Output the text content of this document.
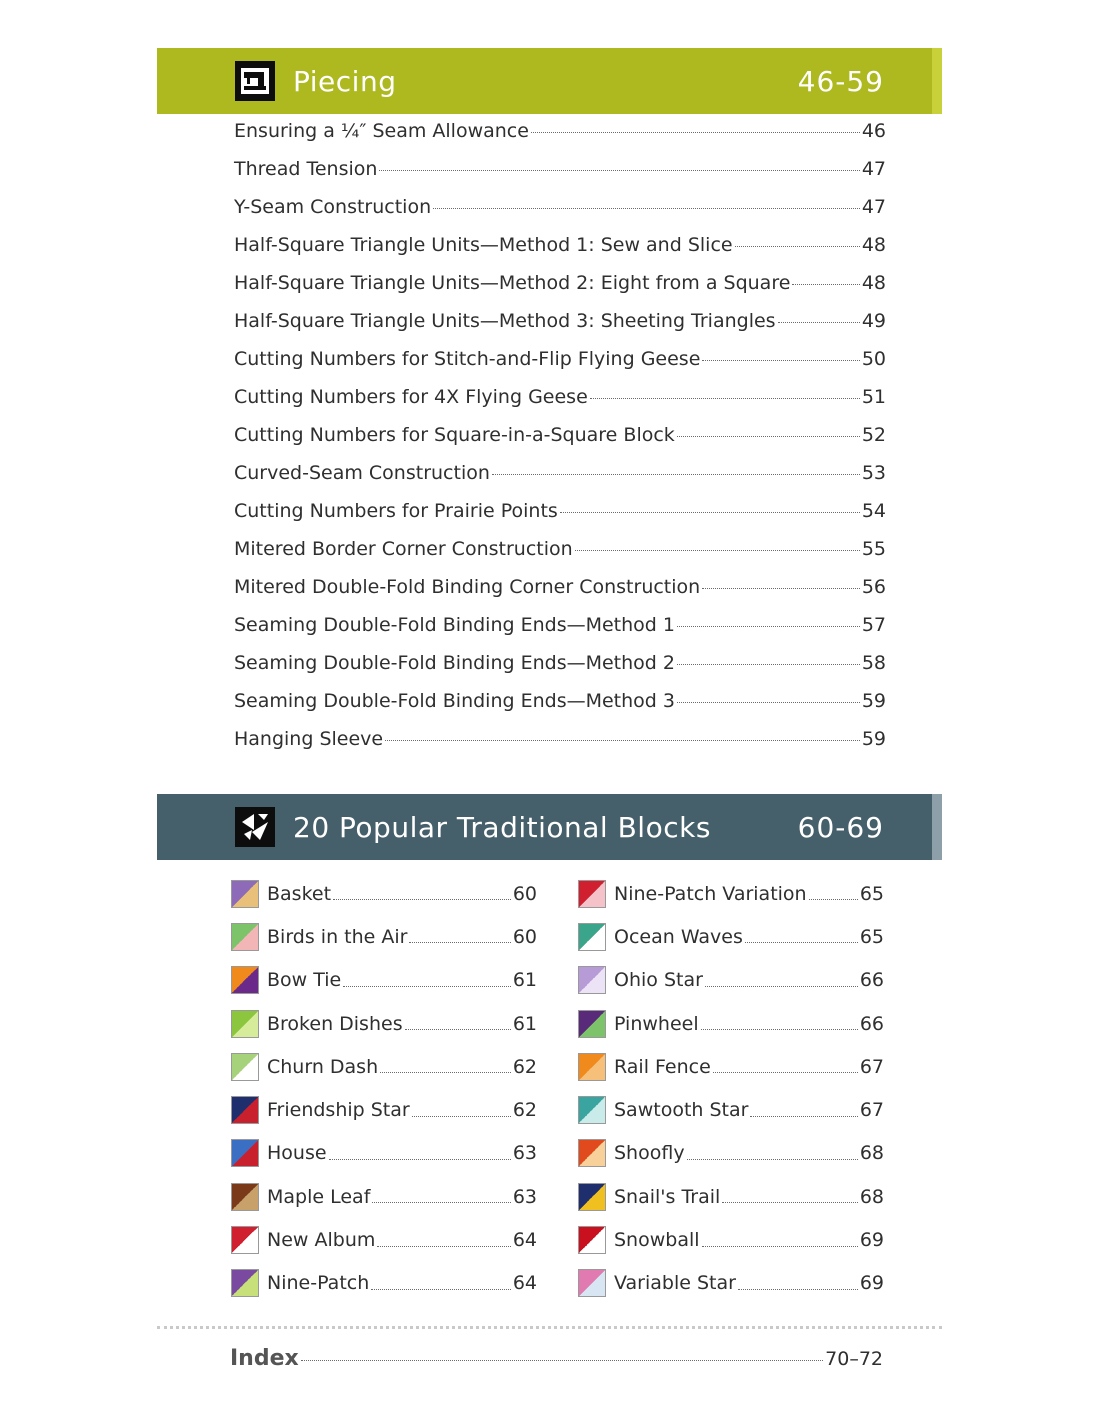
Piecing	46-59
Ensuring a ¼″ Seam Allowance	46
Thread Tension	47
Y-Seam Construction	47
Half-Square Triangle Units—Method 1: Sew and Slice	48
Half-Square Triangle Units—Method 2: Eight from a Square	48
Half-Square Triangle Units—Method 3: Sheeting Triangles	49
Cutting Numbers for Stitch-and-Flip Flying Geese	50
Cutting Numbers for 4X Flying Geese	51
Cutting Numbers for Square-in-a-Square Block	52
Curved-Seam Construction	53
Cutting Numbers for Prairie Points	54
Mitered Border Corner Construction	55
Mitered Double-Fold Binding Corner Construction	56
Seaming Double-Fold Binding Ends—Method 1	57
Seaming Double-Fold Binding Ends—Method 2	58
Seaming Double-Fold Binding Ends—Method 3	59
Hanging Sleeve	59
20 Popular Traditional Blocks	60-69
Basket	60
Birds in the Air	60
Bow Tie	61
Broken Dishes	61
Churn Dash	62
Friendship Star	62
House	63
Maple Leaf	63
New Album	64
Nine-Patch	64
Nine-Patch Variation	65
Ocean Waves	65
Ohio Star	66
Pinwheel	66
Rail Fence	67
Sawtooth Star	67
Shoofly	68
Snail's Trail	68
Snowball	69
Variable Star	69
Index	70–72
